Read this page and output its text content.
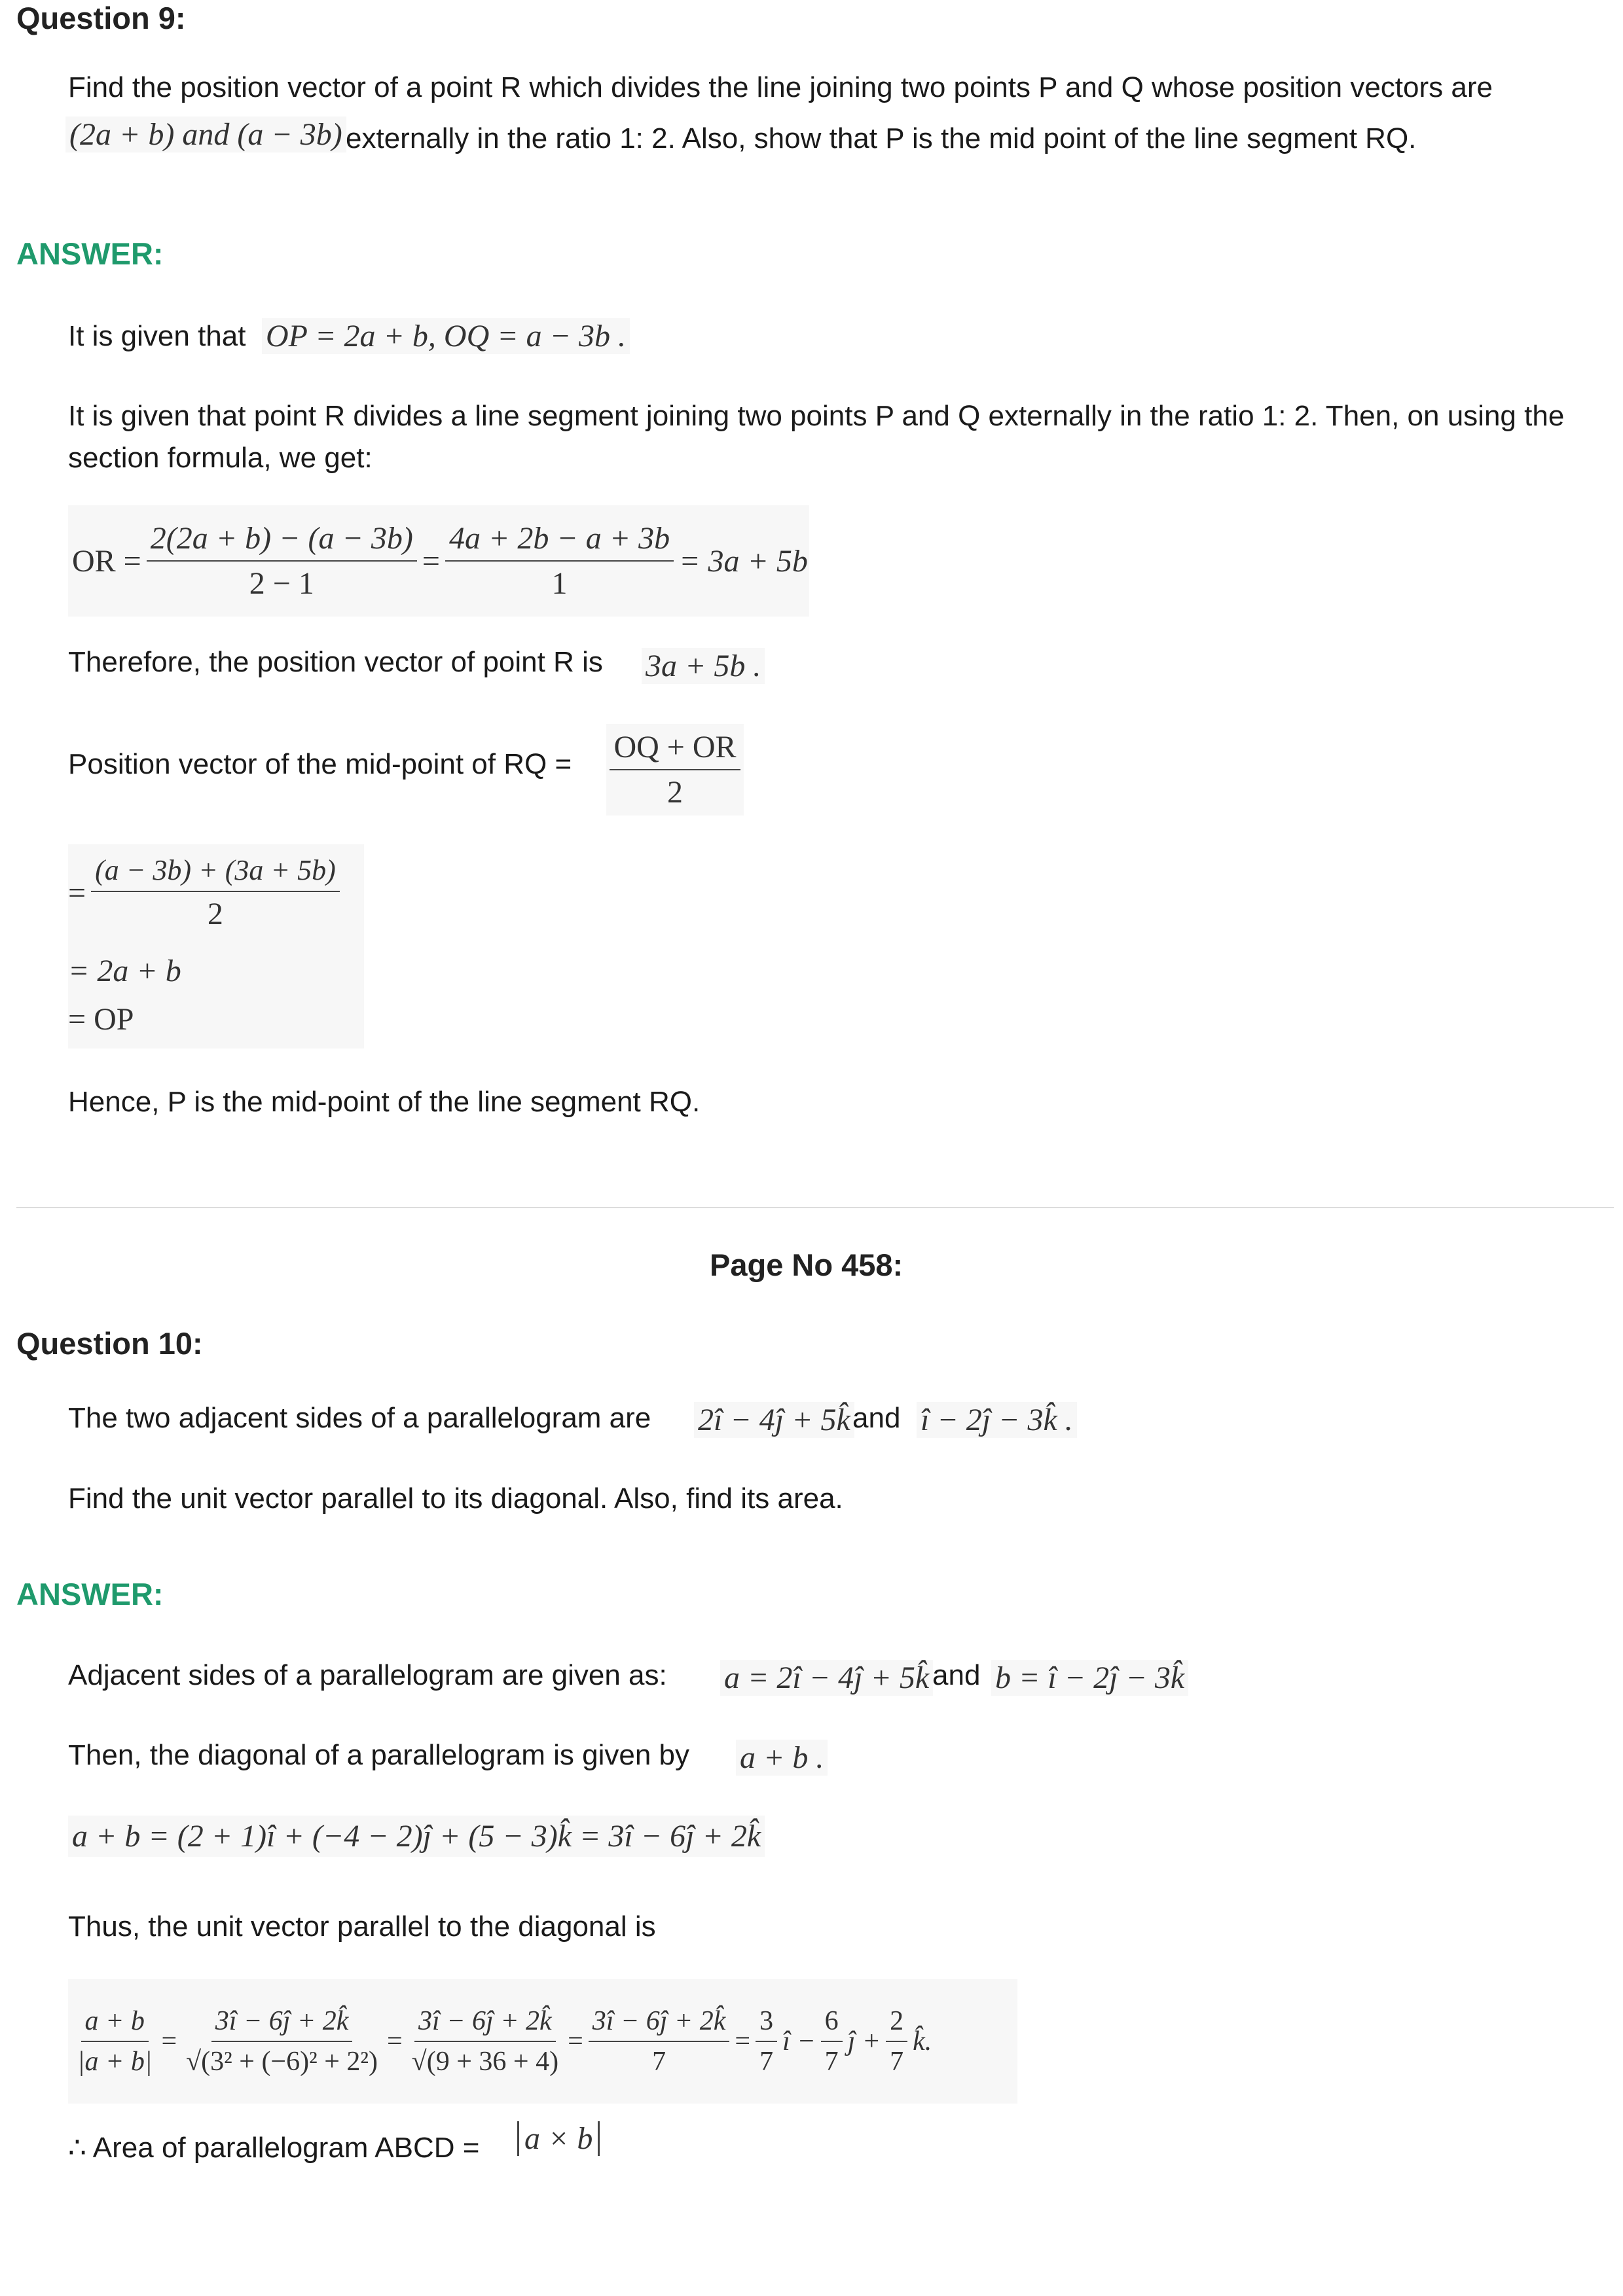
Question 9:
Find the position vector of a point R which divides the line joining two points P and Q whose position vectors are
(2a + b) and (a − 3b) externally in the ratio 1: 2. Also, show that P is the mid point of the line segment RQ.
ANSWER:
It is given that OP = 2a + b, OQ = a − 3b .
It is given that point R divides a line segment joining two points P and Q externally in the ratio 1: 2. Then, on using the section formula, we get:
OR = $\frac{2(2a + b) - (a - 3b)}{2 - 1} = \frac{4a + 2b - a + 3b}{1} = 3a + 5b$
Therefore, the position vector of point R is 3a + 5b .
Position vector of the mid-point of RQ = $\frac{OQ + OR}{2}$
= $\frac{(a - 3b) + (3a + 5b)}{2}$
= 2a + b
= OP
Hence, P is the mid-point of the line segment RQ.
Page No 458:
Question 10:
The two adjacent sides of a parallelogram are 2î − 4ĵ + 5k̂ and î − 2ĵ − 3k̂ .
Find the unit vector parallel to its diagonal. Also, find its area.
ANSWER:
Adjacent sides of a parallelogram are given as: a = 2î − 4ĵ + 5k̂ and b = î − 2ĵ − 3k̂
Then, the diagonal of a parallelogram is given by a + b .
a + b = (2 + 1)î + (−4 − 2)ĵ + (5 − 3)k̂ = 3î − 6ĵ + 2k̂
Thus, the unit vector parallel to the diagonal is
$\frac{a + b}{|a + b|} = \frac{3î - 6ĵ + 2k̂}{\text{√(3² + (−6)² + 2²)}} = \frac{3î - 6ĵ + 2k̂}{√(9 + 36 + 4)} = \frac{3î - 6ĵ + 2k̂}{7} = \frac{3}{7}$ î − $\frac{6}{7}$ ĵ + $\frac{2}{7}$ k̂.
∴ Area of parallelogram ABCD = a × b
